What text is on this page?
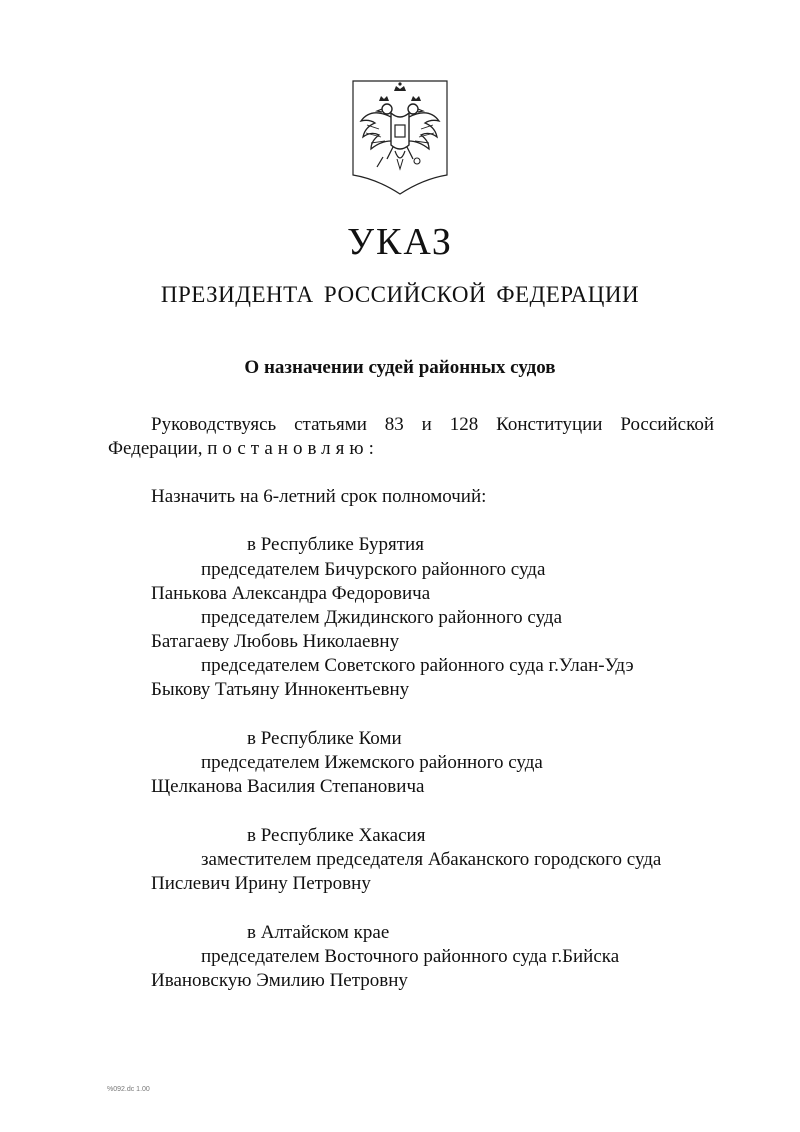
УКАЗ
ПРЕЗИДЕНТА РОССИЙСКОЙ ФЕДЕРАЦИИ
О назначении судей районных судов
Руководствуясь статьями 83 и 128 Конституции Российской
Федерации, постановляю:
Назначить на 6-летний срок полномочий:
в Республике Бурятия
председателем Бичурского районного суда
Панькова Александра Федоровича
председателем Джидинского районного суда
Батагаеву Любовь Николаевну
председателем Советского районного суда г.Улан-Удэ
Быкову Татьяну Иннокентьевну
в Республике Коми
председателем Ижемского районного суда
Щелканова Василия Степановича
в Республике Хакасия
заместителем председателя Абаканского городского суда
Пислевич Ирину Петровну
в Алтайском крае
председателем Восточного районного суда г.Бийска
Ивановскую Эмилию Петровну
%092.dc 1.00
